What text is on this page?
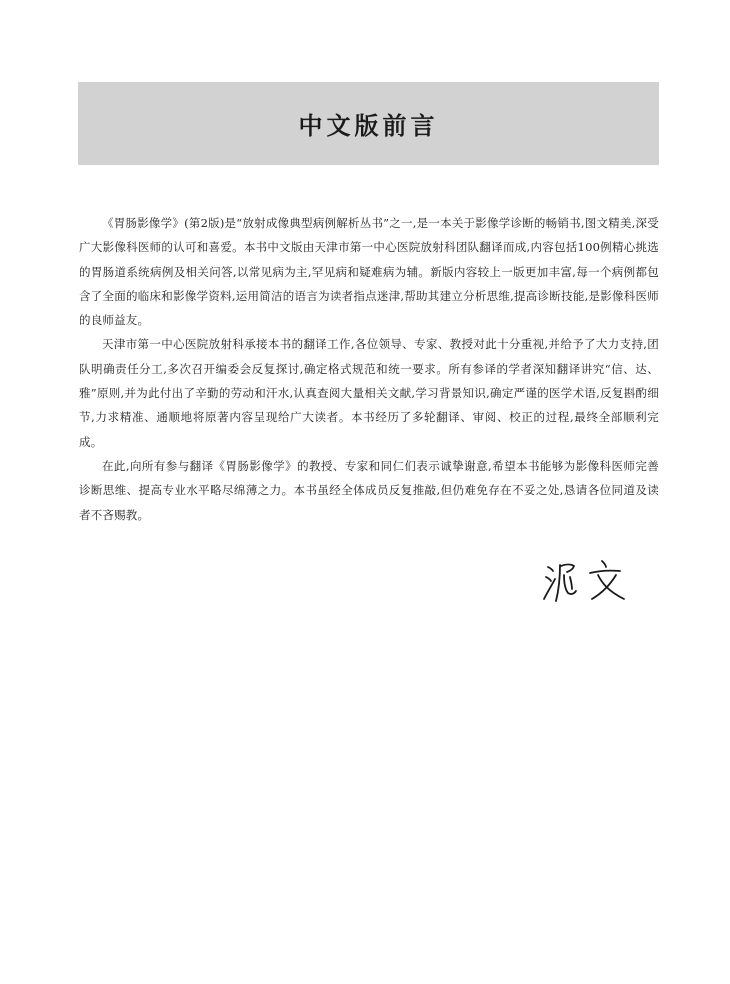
中文版前言

《胃肠影像学》(第2版)是“放射成像典型病例解析丛书”之一,是一本关于影像学诊断的畅销书,图文精美,深受广大影像科医师的认可和喜爱。本书中文版由天津市第一中心医院放射科团队翻译而成,内容包括100例精心挑选的胃肠道系统病例及相关问答,以常见病为主,罕见病和疑难病为辅。新版内容较上一版更加丰富,每一个病例都包含了全面的临床和影像学资料,运用简洁的语言为读者指点迷津,帮助其建立分析思维,提高诊断技能,是影像科医师的良师益友。

天津市第一中心医院放射科承接本书的翻译工作,各位领导、专家、教授对此十分重视,并给予了大力支持,团队明确责任分工,多次召开编委会反复探讨,确定格式规范和统一要求。所有参译的学者深知翻译讲究“信、达、雅”原则,并为此付出了辛勤的劳动和汗水,认真查阅大量相关文献,学习背景知识,确定严谨的医学术语,反复斟酌细节,力求精准、通顺地将原著内容呈现给广大读者。本书经历了多轮翻译、审阅、校正的过程,最终全部顺利完成。

在此,向所有参与翻译《胃肠影像学》的教授、专家和同仁们表示诚挚谢意,希望本书能够为影像科医师完善诊断思维、提高专业水平略尽绵薄之力。本书虽经全体成员反复推敲,但仍难免存在不妥之处,恳请各位同道及读者不吝赐教。
